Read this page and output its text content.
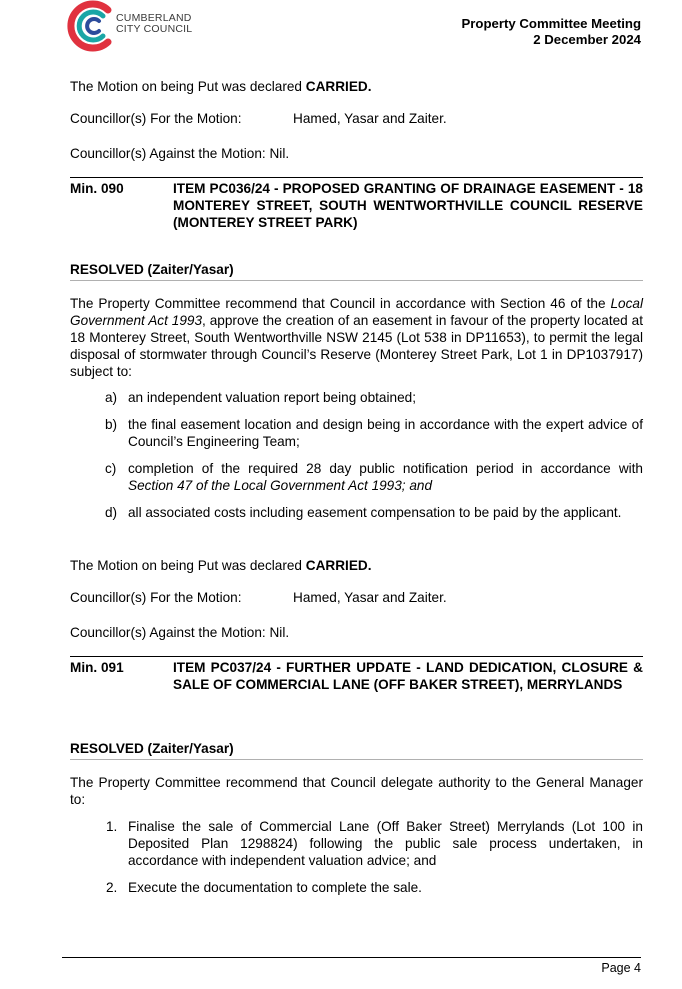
CUMBERLAND
CITY COUNCIL	Property Committee Meeting
2 December 2024

The Motion on being Put was declared CARRIED.

Councillor(s) For the Motion:	Hamed, Yasar and Zaiter.

Councillor(s) Against the Motion: Nil.

Min. 090	ITEM PC036/24 - PROPOSED GRANTING OF DRAINAGE EASEMENT - 18 MONTEREY STREET, SOUTH WENTWORTHVILLE COUNCIL RESERVE (MONTEREY STREET PARK)
RESOLVED (Zaiter/Yasar)

The Property Committee recommend that Council in accordance with Section 46 of the Local Government Act 1993, approve the creation of an easement in favour of the property located at 18 Monterey Street, South Wentworthville NSW 2145 (Lot 538 in DP11653), to permit the legal disposal of stormwater through Council’s Reserve (Monterey Street Park, Lot 1 in DP1037917) subject to:

a) an independent valuation report being obtained;
b) the final easement location and design being in accordance with the expert advice of Council’s Engineering Team;
c) completion of the required 28 day public notification period in accordance with Section 47 of the Local Government Act 1993; and
d) all associated costs including easement compensation to be paid by the applicant.

The Motion on being Put was declared CARRIED.

Councillor(s) For the Motion:	Hamed, Yasar and Zaiter.

Councillor(s) Against the Motion: Nil.

Min. 091	ITEM PC037/24 - FURTHER UPDATE - LAND DEDICATION, CLOSURE & SALE OF COMMERCIAL LANE (OFF BAKER STREET), MERRYLANDS
RESOLVED (Zaiter/Yasar)

The Property Committee recommend that Council delegate authority to the General Manager to:

1. Finalise the sale of Commercial Lane (Off Baker Street) Merrylands (Lot 100 in Deposited Plan 1298824) following the public sale process undertaken, in accordance with independent valuation advice; and
2. Execute the documentation to complete the sale.
Page 4
